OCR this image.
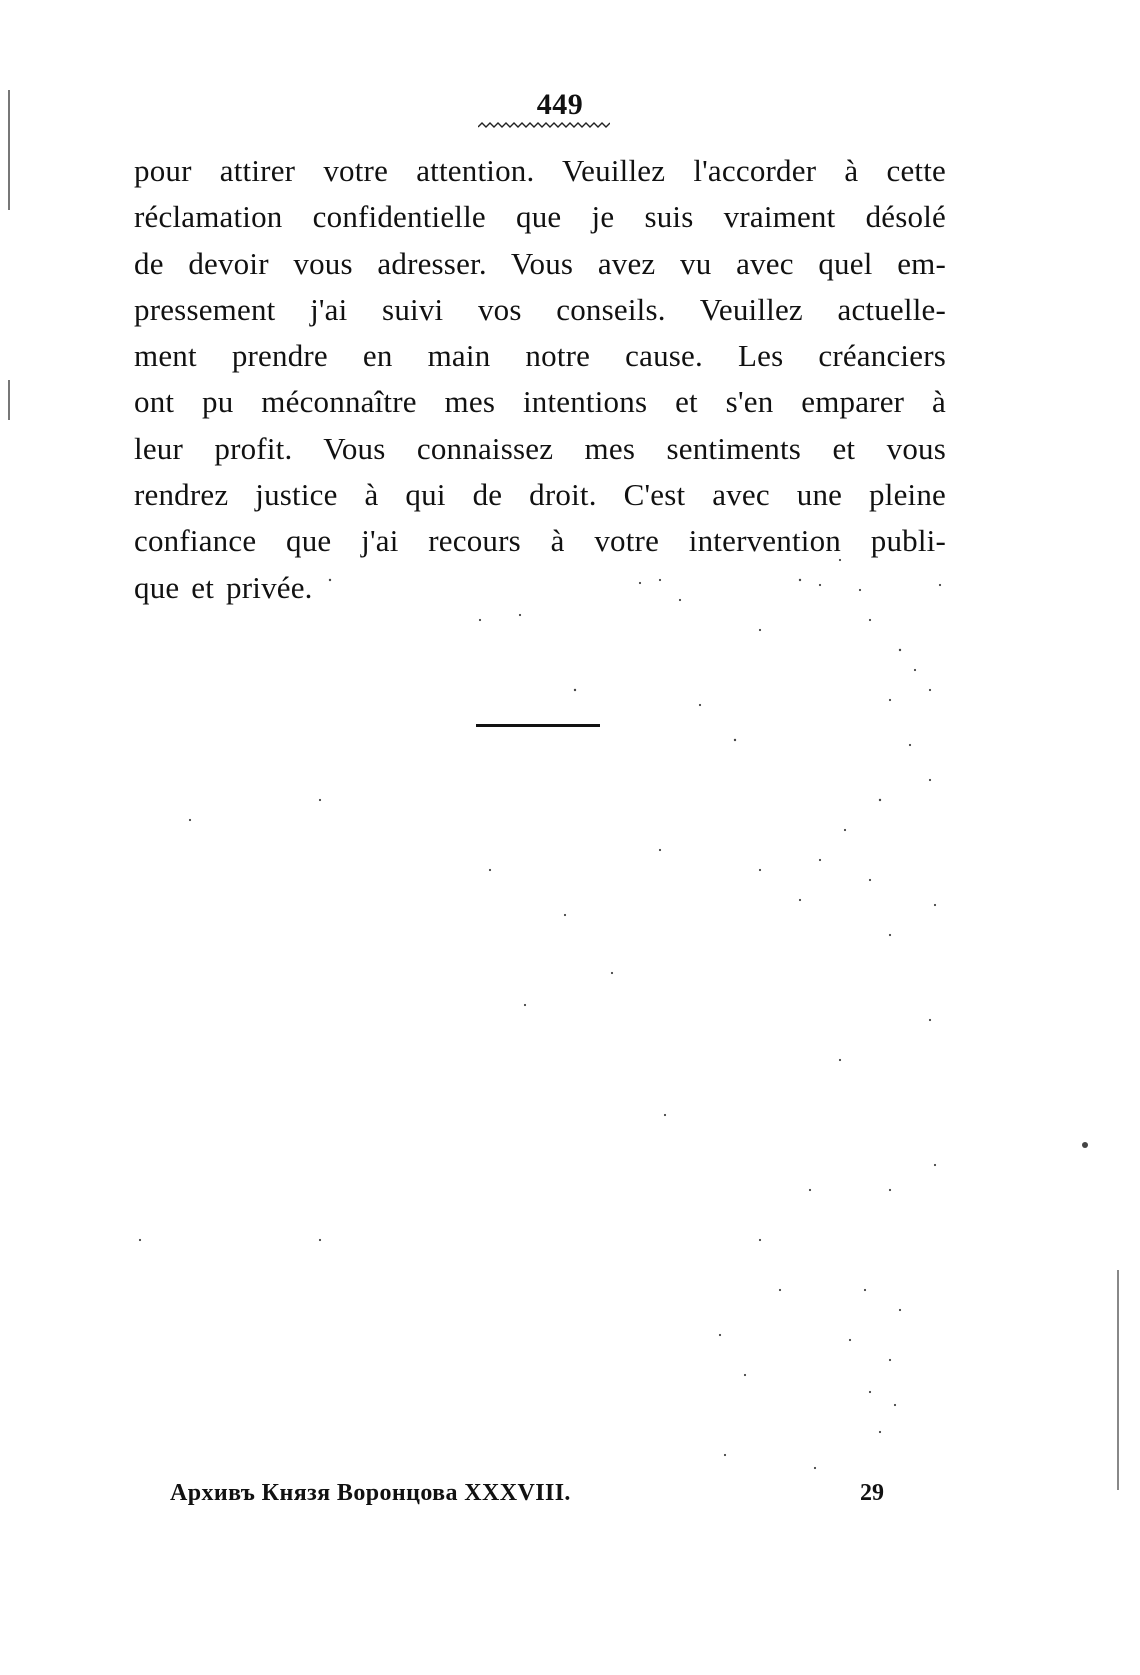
449
pour attirer votre attention. Veuillez l'accorder à cette
réclamation confidentielle que je suis vraiment désolé
de devoir vous adresser. Vous avez vu avec quel em-
pressement j'ai suivi vos conseils. Veuillez actuelle-
ment prendre en main notre cause. Les créanciers
ont pu méconnaître mes intentions et s'en emparer à
leur profit. Vous connaissez mes sentiments et vous
rendrez justice à qui de droit. C'est avec une pleine
confiance que j'ai recours à votre intervention publi-
que et privée.
Архивъ Князя Воронцова XXXVIII.	29
